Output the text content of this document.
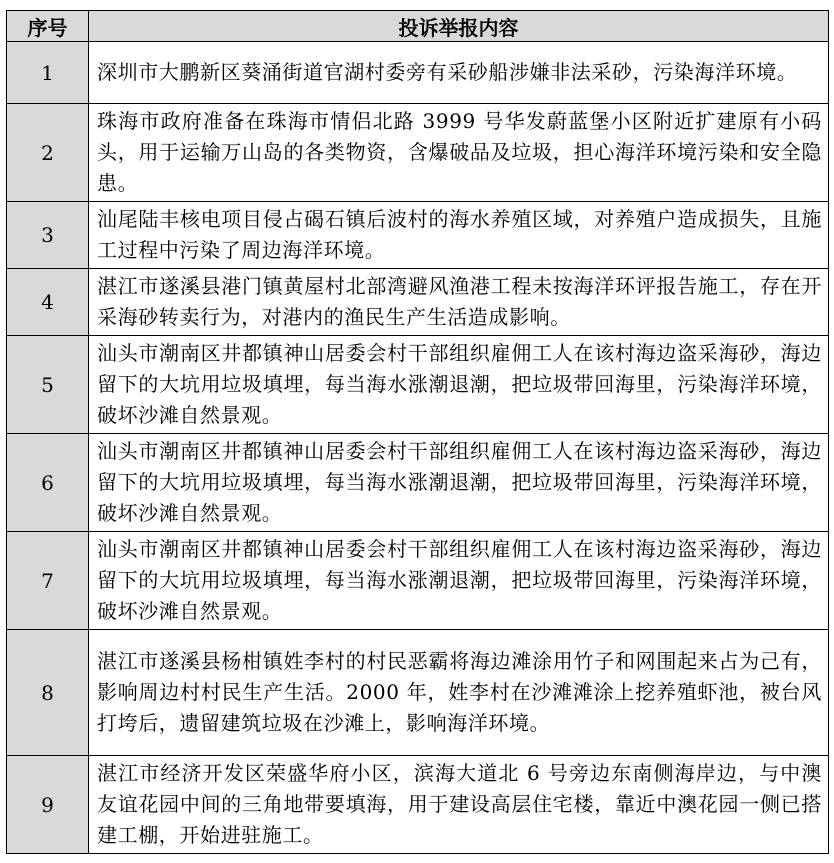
序号	投诉举报内容
1	深圳市大鹏新区葵涌街道官湖村委旁有采砂船涉嫌非法采砂，污染海洋环境。
2	珠海市政府准备在珠海市情侣北路 3999 号华发蔚蓝堡小区附近扩建原有小码头，用于运输万山岛的各类物资，含爆破品及垃圾，担心海洋环境污染和安全隐患。
3	汕尾陆丰核电项目侵占碣石镇后波村的海水养殖区域，对养殖户造成损失，且施工过程中污染了周边海洋环境。
4	湛江市遂溪县港门镇黄屋村北部湾避风渔港工程未按海洋环评报告施工，存在开采海砂转卖行为，对港内的渔民生产生活造成影响。
5	汕头市潮南区井都镇神山居委会村干部组织雇佣工人在该村海边盗采海砂，海边留下的大坑用垃圾填埋，每当海水涨潮退潮，把垃圾带回海里，污染海洋环境，破坏沙滩自然景观。
6	汕头市潮南区井都镇神山居委会村干部组织雇佣工人在该村海边盗采海砂，海边留下的大坑用垃圾填埋，每当海水涨潮退潮，把垃圾带回海里，污染海洋环境，破坏沙滩自然景观。
7	汕头市潮南区井都镇神山居委会村干部组织雇佣工人在该村海边盗采海砂，海边留下的大坑用垃圾填埋，每当海水涨潮退潮，把垃圾带回海里，污染海洋环境，破坏沙滩自然景观。
8	湛江市遂溪县杨柑镇姓李村的村民恶霸将海边滩涂用竹子和网围起来占为己有，影响周边村村民生产生活。2000 年，姓李村在沙滩滩涂上挖养殖虾池，被台风打垮后，遗留建筑垃圾在沙滩上，影响海洋环境。
9	湛江市经济开发区荣盛华府小区，滨海大道北 6 号旁边东南侧海岸边，与中澳友谊花园中间的三角地带要填海，用于建设高层住宅楼，靠近中澳花园一侧已搭建工棚，开始进驻施工。
